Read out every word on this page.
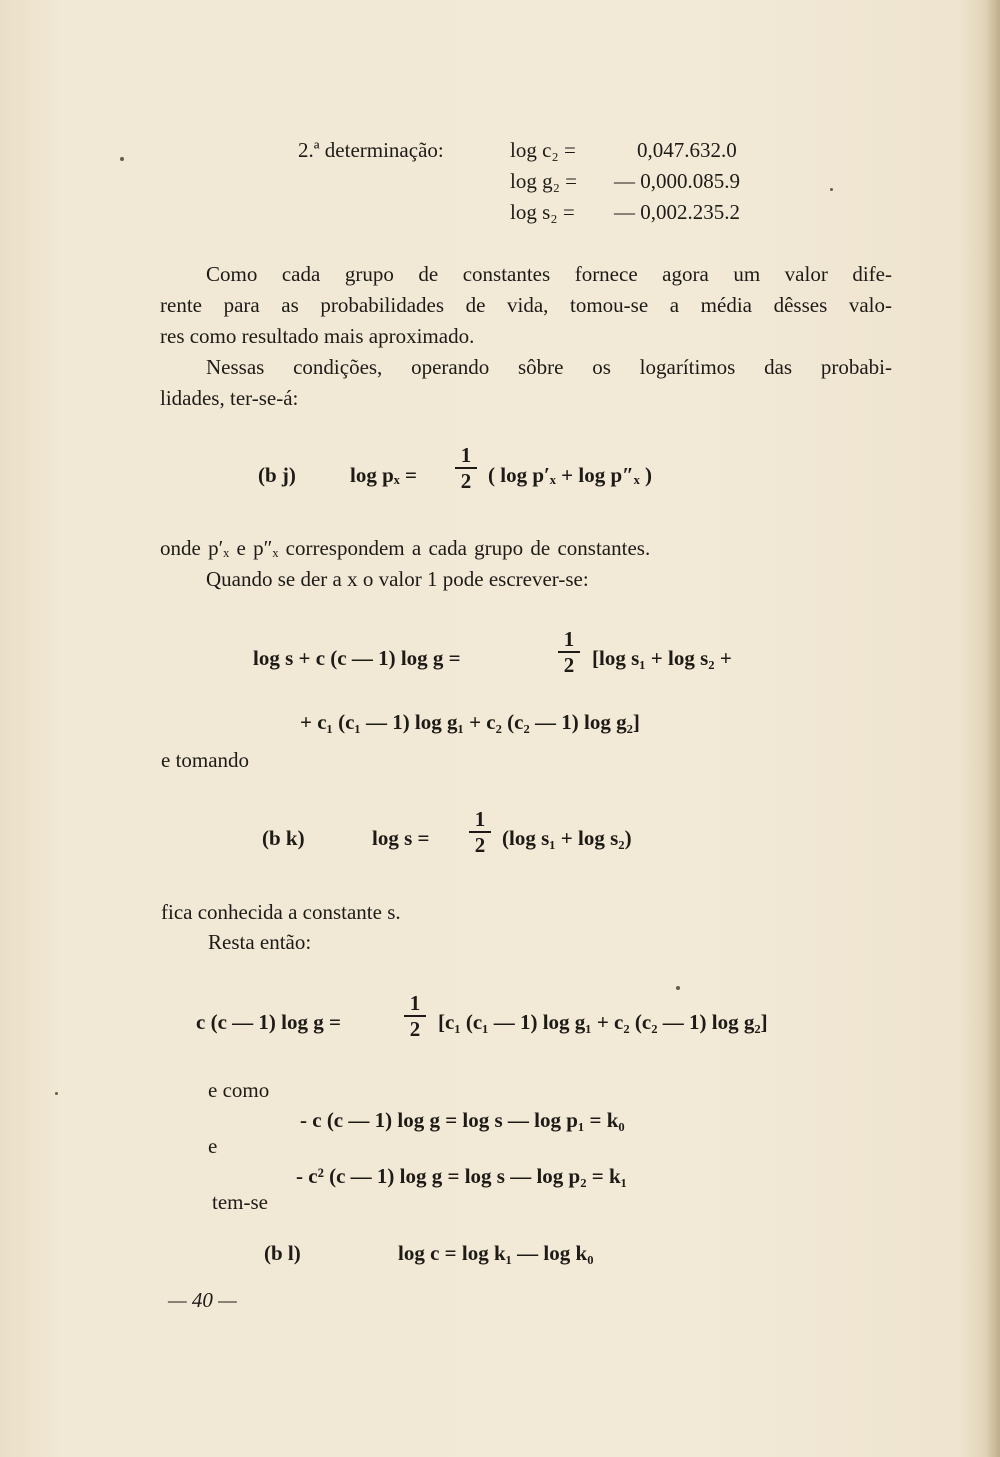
2.ª determinação:	log c₂ =	0,047.632.0
log g₂ = — 0,000.085.9
log s₂ = — 0,002.235.2
Como cada grupo de constantes fornece agora um valor dife-
rente para as probabilidades de vida, tomou-se a média dêsses valo-
res como resultado mais aproximado.
Nessas condições, operando sôbre os logarítimos das probabi-
lidades, ter-se-á:
(b j)	log pₓ =
1
2 ( log p′ₓ + log p″ₓ )
onde p′ₓ e p″ₓ correspondem a cada grupo de constantes.
Quando se der a x o valor 1 pode escrever-se:
log s + c (c — 1) log g =
1
2 [log s₁ + log s₂ +
+ c₁ (c₁ — 1) log g₁ + c₂ (c₂ — 1) log g₂]
e tomando
(b k)	log s =
1
2 (log s₁ + log s₂)
fica conhecida a constante s.
Resta então:
c (c — 1) log g =
1
2 [c₁ (c₁ — 1) log g₁ + c₂ (c₂ — 1) log g₂]
e como
- c (c — 1) log g = log s — log p₁ = k₀
e
- c² (c — 1) log g = log s — log p₂ = k₁
tem-se
(b l)	log c = log k₁ — log k₀
— 40 —
